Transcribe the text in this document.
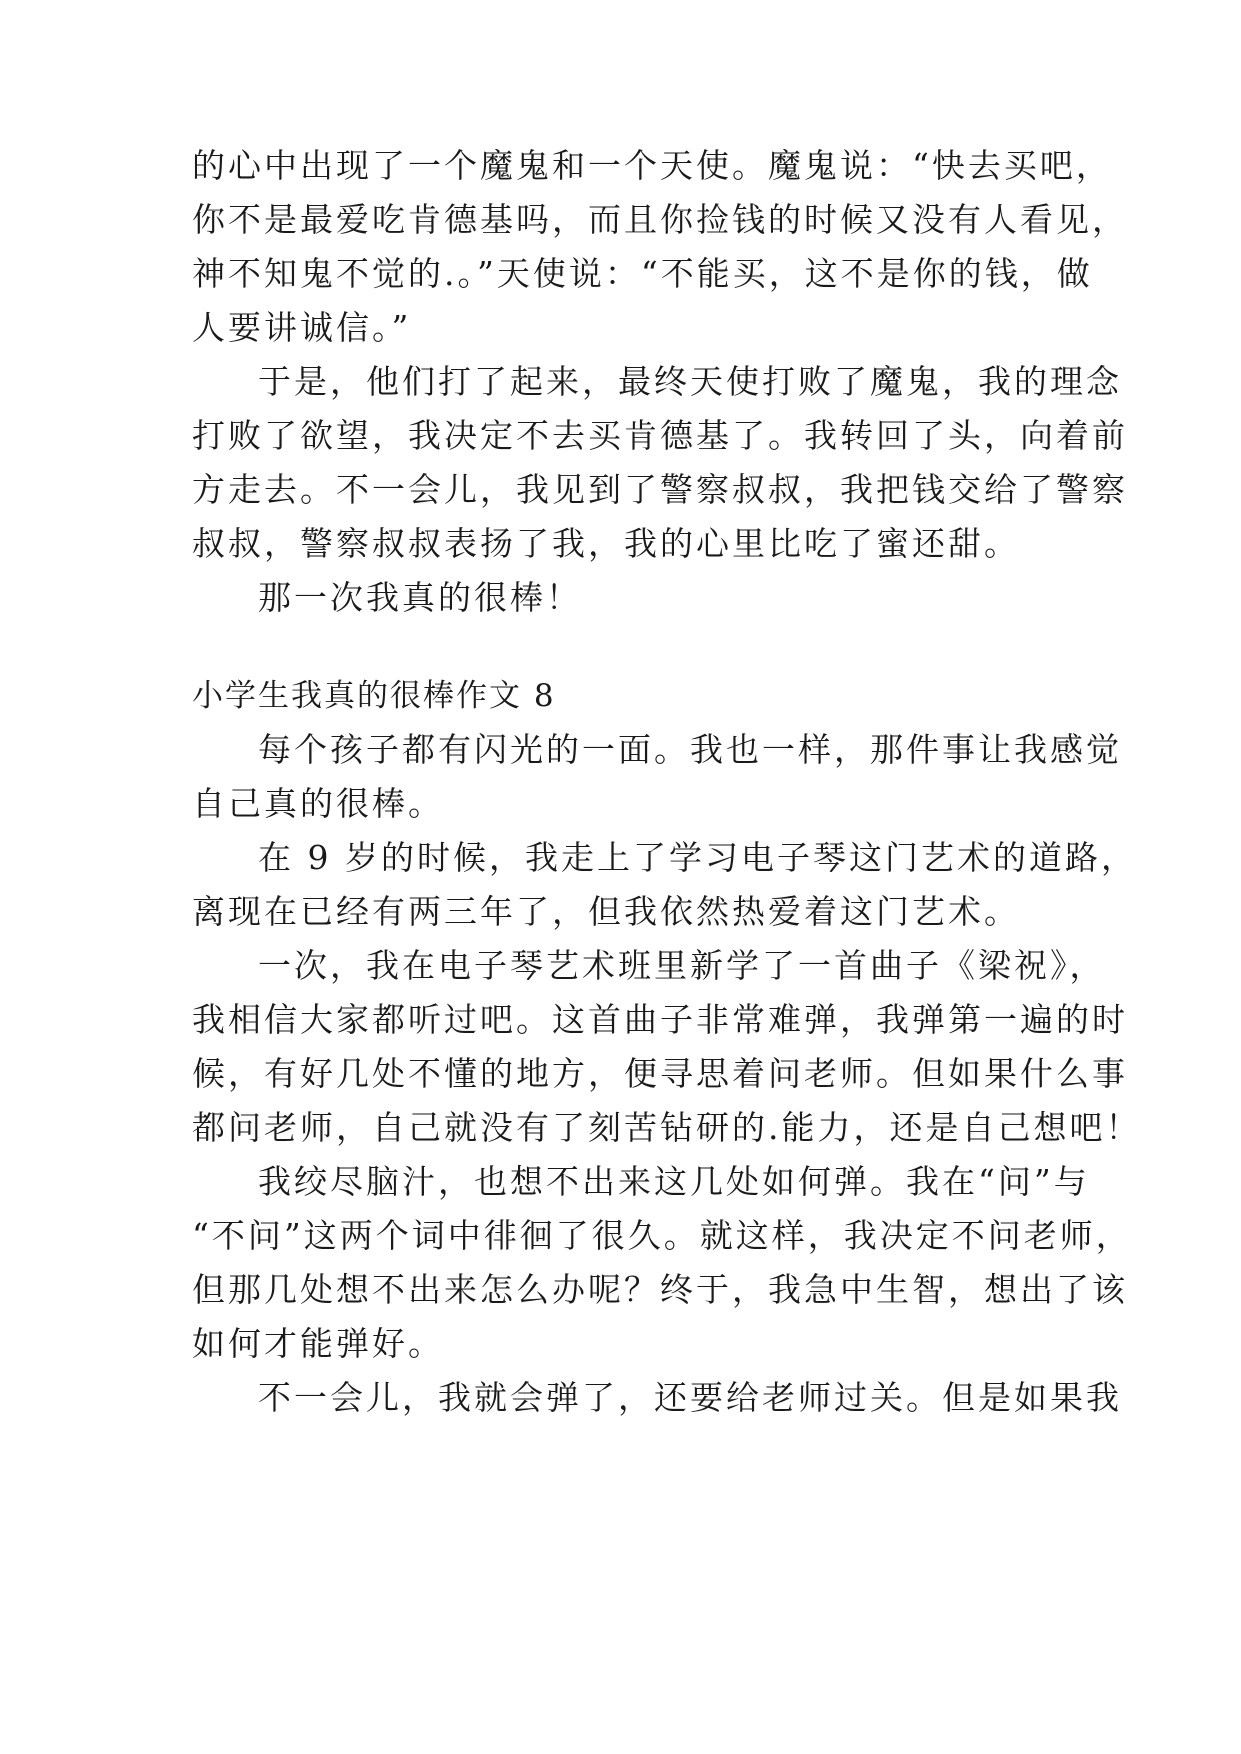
的心中出现了一个魔鬼和一个天使。魔鬼说：“快去买吧，
你不是最爱吃肯德基吗，而且你捡钱的时候又没有人看见，
神不知鬼不觉的.。”天使说：“不能买，这不是你的钱，做
人要讲诚信。”
于是，他们打了起来，最终天使打败了魔鬼，我的理念
打败了欲望，我决定不去买肯德基了。我转回了头，向着前
方走去。不一会儿，我见到了警察叔叔，我把钱交给了警察
叔叔，警察叔叔表扬了我，我的心里比吃了蜜还甜。
那一次我真的很棒！
小学生我真的很棒作文 8
每个孩子都有闪光的一面。我也一样，那件事让我感觉
自己真的很棒。
在 9 岁的时候，我走上了学习电子琴这门艺术的道路，
离现在已经有两三年了，但我依然热爱着这门艺术。
一次，我在电子琴艺术班里新学了一首曲子《梁祝》，
我相信大家都听过吧。这首曲子非常难弹，我弹第一遍的时
候，有好几处不懂的地方，便寻思着问老师。但如果什么事
都问老师，自己就没有了刻苦钻研的.能力，还是自己想吧！
我绞尽脑汁，也想不出来这几处如何弹。我在“问”与
“不问”这两个词中徘徊了很久。就这样，我决定不问老师，
但那几处想不出来怎么办呢？终于，我急中生智，想出了该
如何才能弹好。
不一会儿，我就会弹了，还要给老师过关。但是如果我
